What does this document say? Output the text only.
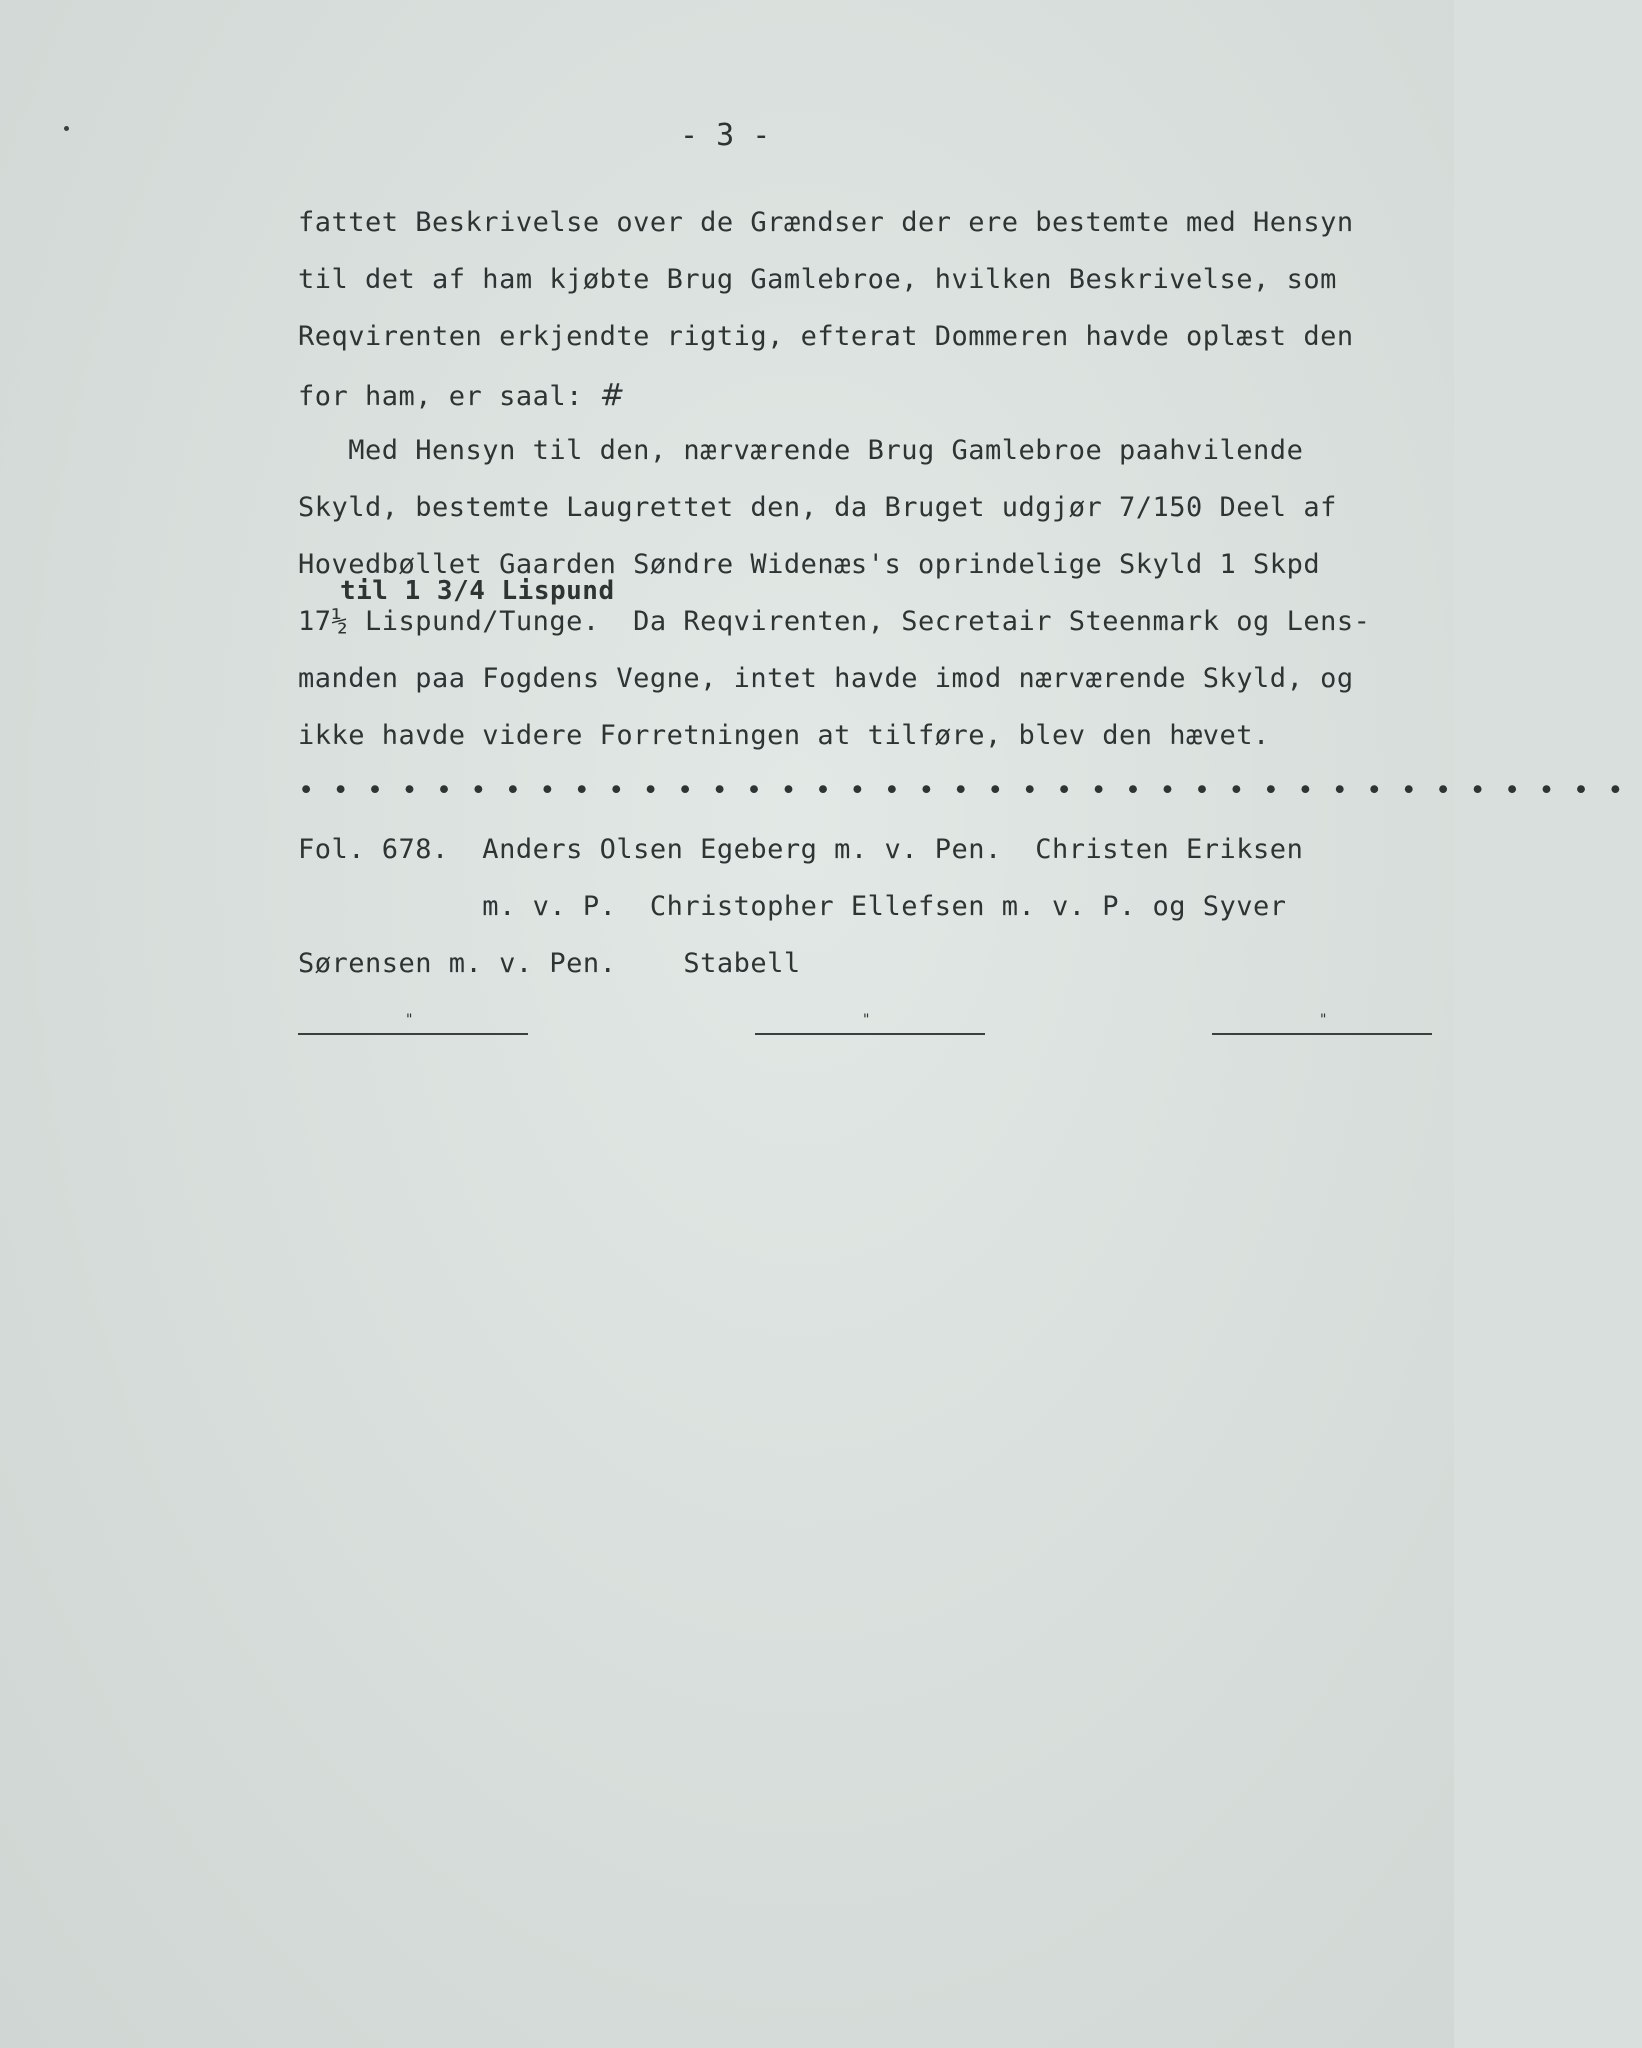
- 3 -
fattet Beskrivelse over de Grændser der ere bestemte med Hensyn
til det af ham kjøbte Brug Gamlebroe, hvilken Beskrivelse, som
Reqvirenten erkjendte rigtig, efterat Dommeren havde oplæst den
for ham, er saal: #
Med Hensyn til den, nærværende Brug Gamlebroe paahvilende
Skyld, bestemte Laugrettet den, da Bruget udgjør 7/150 Deel af
Hovedbøllet Gaarden Søndre Widenæs's oprindelige Skyld 1 Skpd
til 1 3/4 Lispund
17½ Lispund/Tunge.  Da Reqvirenten, Secretair Steenmark og Lens-
manden paa Fogdens Vegne, intet havde imod nærværende Skyld, og
ikke havde videre Forretningen at tilføre, blev den hævet.
•••••••••••••••••••••••••••••••••••••••
Fol. 678.  Anders Olsen Egeberg m. v. Pen.  Christen Eriksen
m. v. P.  Christopher Ellefsen m. v. P. og Syver
Sørensen m. v. Pen.    Stabell
"	"	"
